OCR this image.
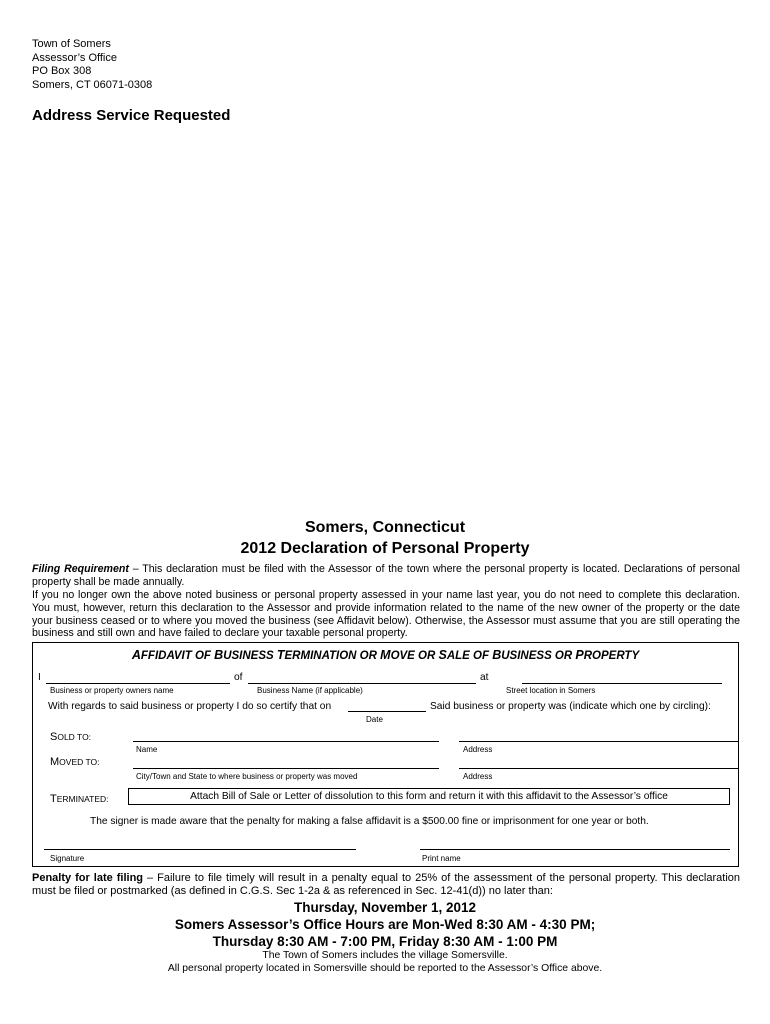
Town of Somers
Assessor’s Office
PO Box 308
Somers, CT 06071-0308
Address Service Requested
Somers, Connecticut
2012 Declaration of Personal Property
Filing Requirement – This declaration must be filed with the Assessor of the town where the personal property is located. Declarations of personal property shall be made annually.
If you no longer own the above noted business or personal property assessed in your name last year, you do not need to complete this declaration. You must, however, return this declaration to the Assessor and provide information related to the name of the new owner of the property or the date your business ceased or to where you moved the business (see Affidavit below). Otherwise, the Assessor must assume that you are still operating the business and still own and have failed to declare your taxable personal property.
AFFIDAVIT OF BUSINESS TERMINATION OR MOVE OR SALE OF BUSINESS OR PROPERTY
I	of	at
Business or property owners name	Business Name (if applicable)	Street location in Somers
With regards to said business or property I do so certify that on	Said business or property was (indicate which one by circling):
Date
SOLD TO:
Name	Address
MOVED TO:
City/Town and State to where business or property was moved	Address
TERMINATED:	Attach Bill of Sale or Letter of dissolution to this form and return it with this affidavit to the Assessor’s office
The signer is made aware that the penalty for making a false affidavit is a $500.00 fine or imprisonment for one year or both.
Signature	Print name
Penalty for late filing – Failure to file timely will result in a penalty equal to 25% of the assessment of the personal property. This declaration must be filed or postmarked (as defined in C.G.S. Sec 1-2a & as referenced in Sec. 12-41(d)) no later than:
Thursday, November 1, 2012
Somers Assessor’s Office Hours are Mon-Wed 8:30 AM - 4:30 PM;
Thursday 8:30 AM - 7:00 PM, Friday 8:30 AM - 1:00 PM
The Town of Somers includes the village Somersville.
All personal property located in Somersville should be reported to the Assessor’s Office above.
